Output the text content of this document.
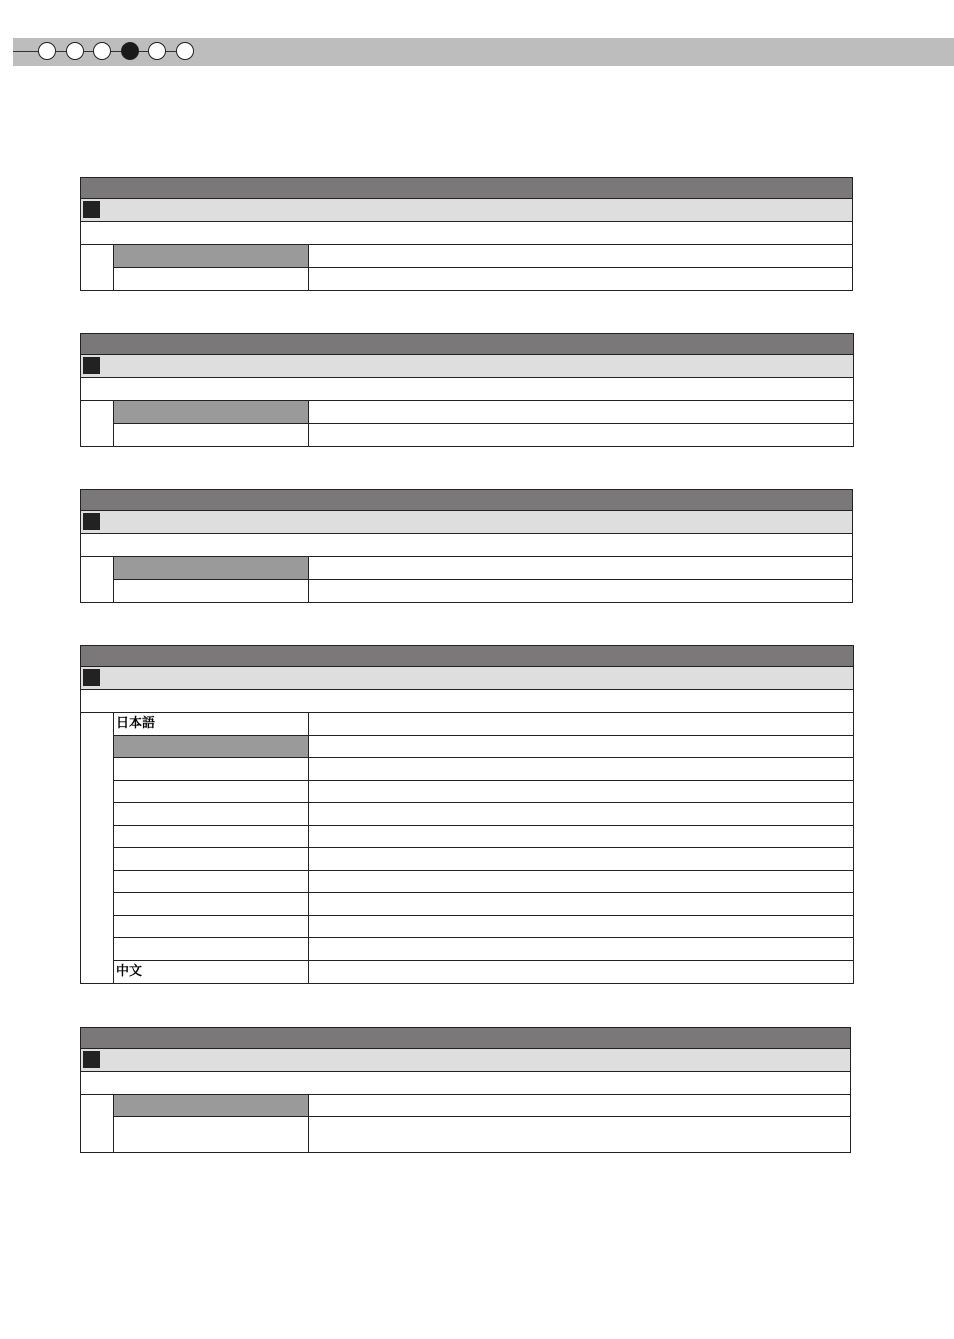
日本語
中文
